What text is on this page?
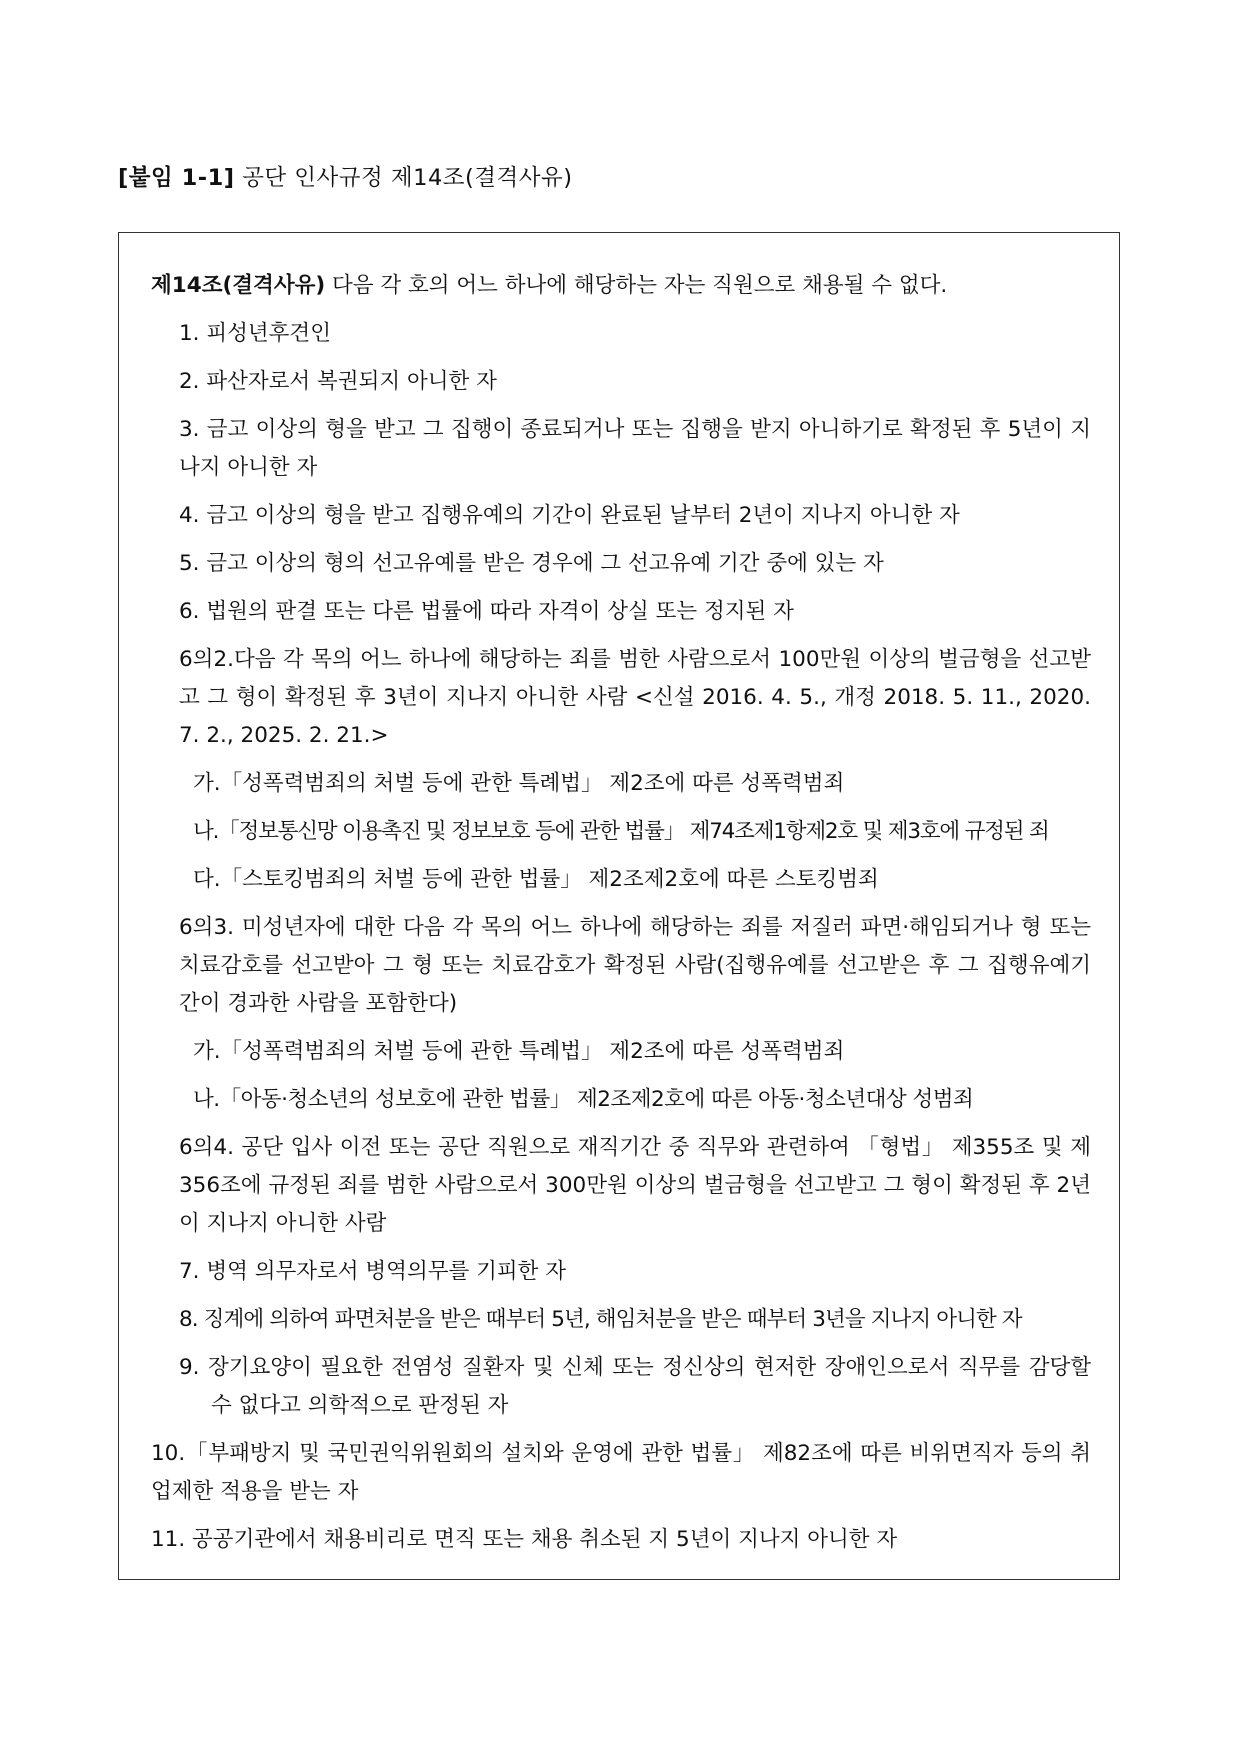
[붙임 1-1] 공단 인사규정 제14조(결격사유)
제14조(결격사유) 다음 각 호의 어느 하나에 해당하는 자는 직원으로 채용될 수 없다.
1. 피성년후견인
2. 파산자로서 복권되지 아니한 자
3. 금고 이상의 형을 받고 그 집행이 종료되거나 또는 집행을 받지 아니하기로 확정된 후 5년이 지나지 아니한 자
4. 금고 이상의 형을 받고 집행유예의 기간이 완료된 날부터 2년이 지나지 아니한 자
5. 금고 이상의 형의 선고유예를 받은 경우에 그 선고유예 기간 중에 있는 자
6. 법원의 판결 또는 다른 법률에 따라 자격이 상실 또는 정지된 자
6의2.다음 각 목의 어느 하나에 해당하는 죄를 범한 사람으로서 100만원 이상의 벌금형을 선고받고 그 형이 확정된 후 3년이 지나지 아니한 사람 <신설 2016. 4. 5., 개정 2018. 5. 11., 2020. 7. 2., 2025. 2. 21.>
가.「성폭력범죄의 처벌 등에 관한 특례법」 제2조에 따른 성폭력범죄
나.「정보통신망 이용촉진 및 정보보호 등에 관한 법률」 제74조제1항제2호 및 제3호에 규정된 죄
다.「스토킹범죄의 처벌 등에 관한 법률」 제2조제2호에 따른 스토킹범죄
6의3. 미성년자에 대한 다음 각 목의 어느 하나에 해당하는 죄를 저질러 파면·해임되거나 형 또는 치료감호를 선고받아 그 형 또는 치료감호가 확정된 사람(집행유예를 선고받은 후 그 집행유예기간이 경과한 사람을 포함한다)
가.「성폭력범죄의 처벌 등에 관한 특례법」 제2조에 따른 성폭력범죄
나.「아동·청소년의 성보호에 관한 법률」 제2조제2호에 따른 아동·청소년대상 성범죄
6의4. 공단 입사 이전 또는 공단 직원으로 재직기간 중 직무와 관련하여 「형법」 제355조 및 제356조에 규정된 죄를 범한 사람으로서 300만원 이상의 벌금형을 선고받고 그 형이 확정된 후 2년이 지나지 아니한 사람
7. 병역 의무자로서 병역의무를 기피한 자
8. 징계에 의하여 파면처분을 받은 때부터 5년, 해임처분을 받은 때부터 3년을 지나지 아니한 자
9. 장기요양이 필요한 전염성 질환자 및 신체 또는 정신상의 현저한 장애인으로서 직무를 감당할 수 없다고 의학적으로 판정된 자
10.「부패방지 및 국민권익위원회의 설치와 운영에 관한 법률」 제82조에 따른 비위면직자 등의 취업제한 적용을 받는 자
11. 공공기관에서 채용비리로 면직 또는 채용 취소된 지 5년이 지나지 아니한 자
